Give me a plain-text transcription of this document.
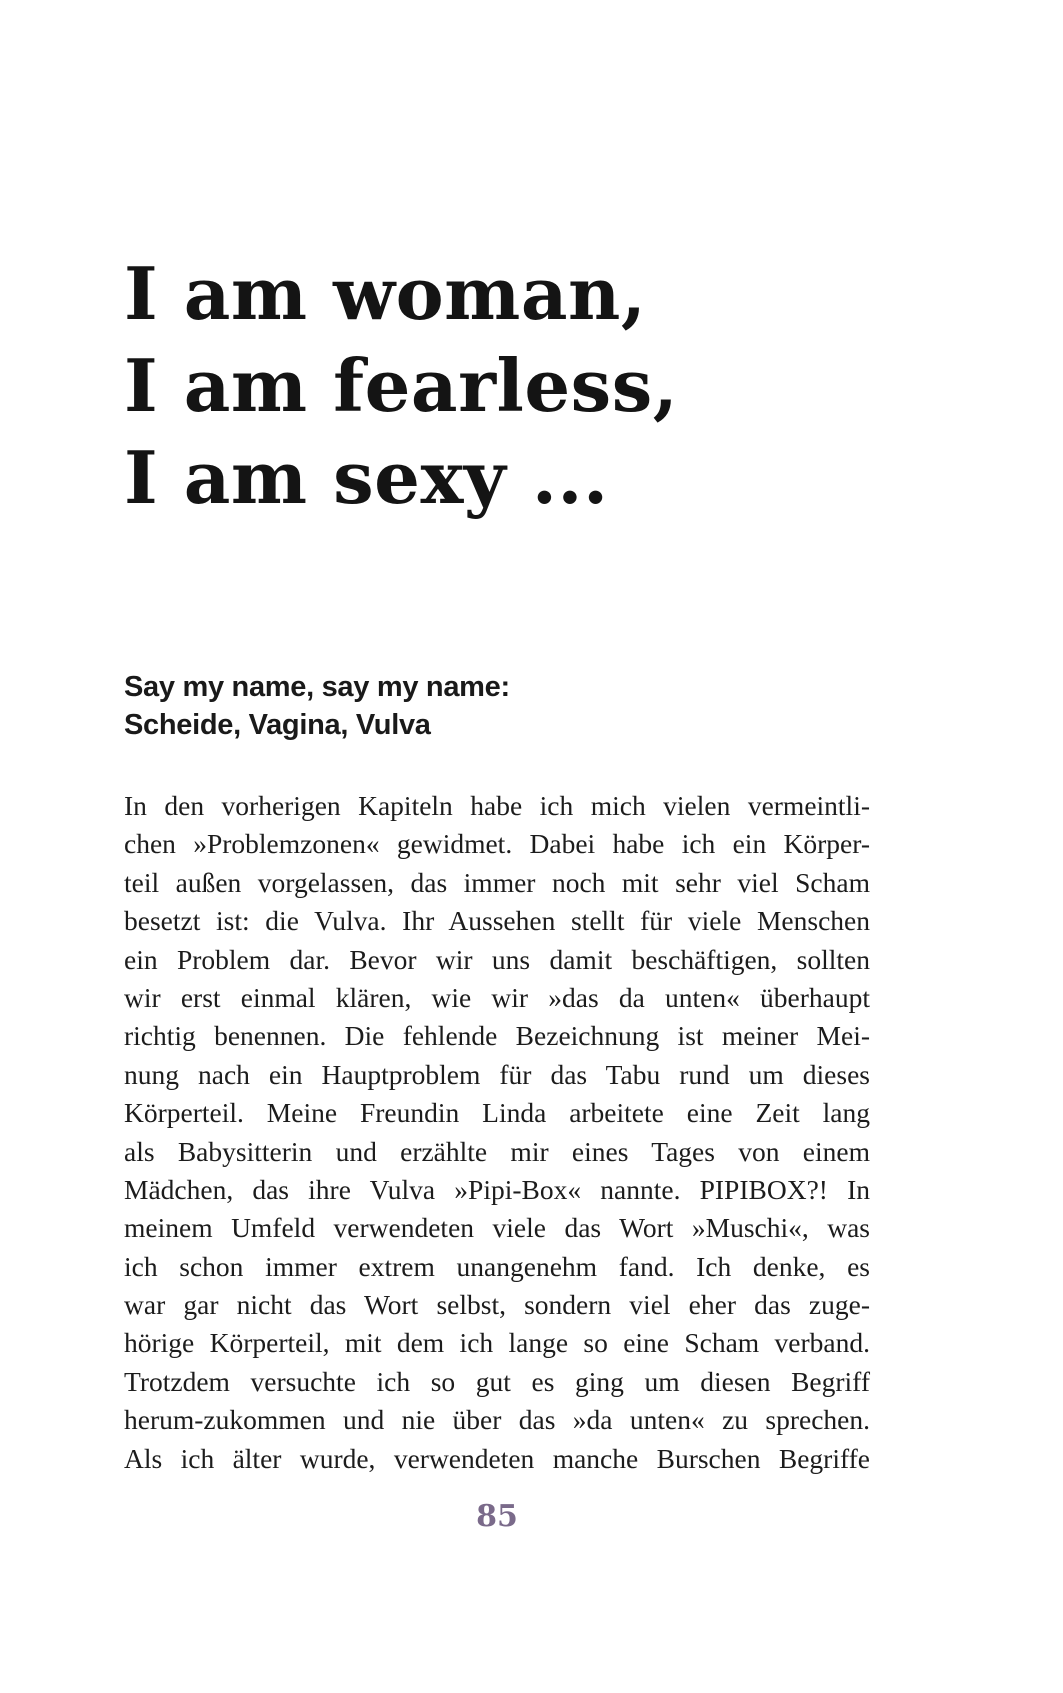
I am woman,
I am fearless,
I am sexy ...
Say my name, say my name:
Scheide, Vagina, Vulva
In den vorherigen Kapiteln habe ich mich vielen vermeintli-
chen »Problemzonen« gewidmet. Dabei habe ich ein Körper-
teil außen vorgelassen, das immer noch mit sehr viel Scham
besetzt ist: die Vulva. Ihr Aussehen stellt für viele Menschen
ein Problem dar. Bevor wir uns damit beschäftigen, sollten
wir erst einmal klären, wie wir »das da unten« überhaupt
richtig benennen. Die fehlende Bezeichnung ist meiner Mei-
nung nach ein Hauptproblem für das Tabu rund um dieses
Körperteil. Meine Freundin Linda arbeitete eine Zeit lang
als Babysitterin und erzählte mir eines Tages von einem
Mädchen, das ihre Vulva »Pipi-Box« nannte. PIPIBOX?! In
meinem Umfeld verwendeten viele das Wort »Muschi«, was
ich schon immer extrem unangenehm fand. Ich denke, es
war gar nicht das Wort selbst, sondern viel eher das zuge-
hörige Körperteil, mit dem ich lange so eine Scham verband.
Trotzdem versuchte ich so gut es ging um diesen Begriff
herum-zukommen und nie über das »da unten« zu sprechen.
Als ich älter wurde, verwendeten manche Burschen Begriffe
85
